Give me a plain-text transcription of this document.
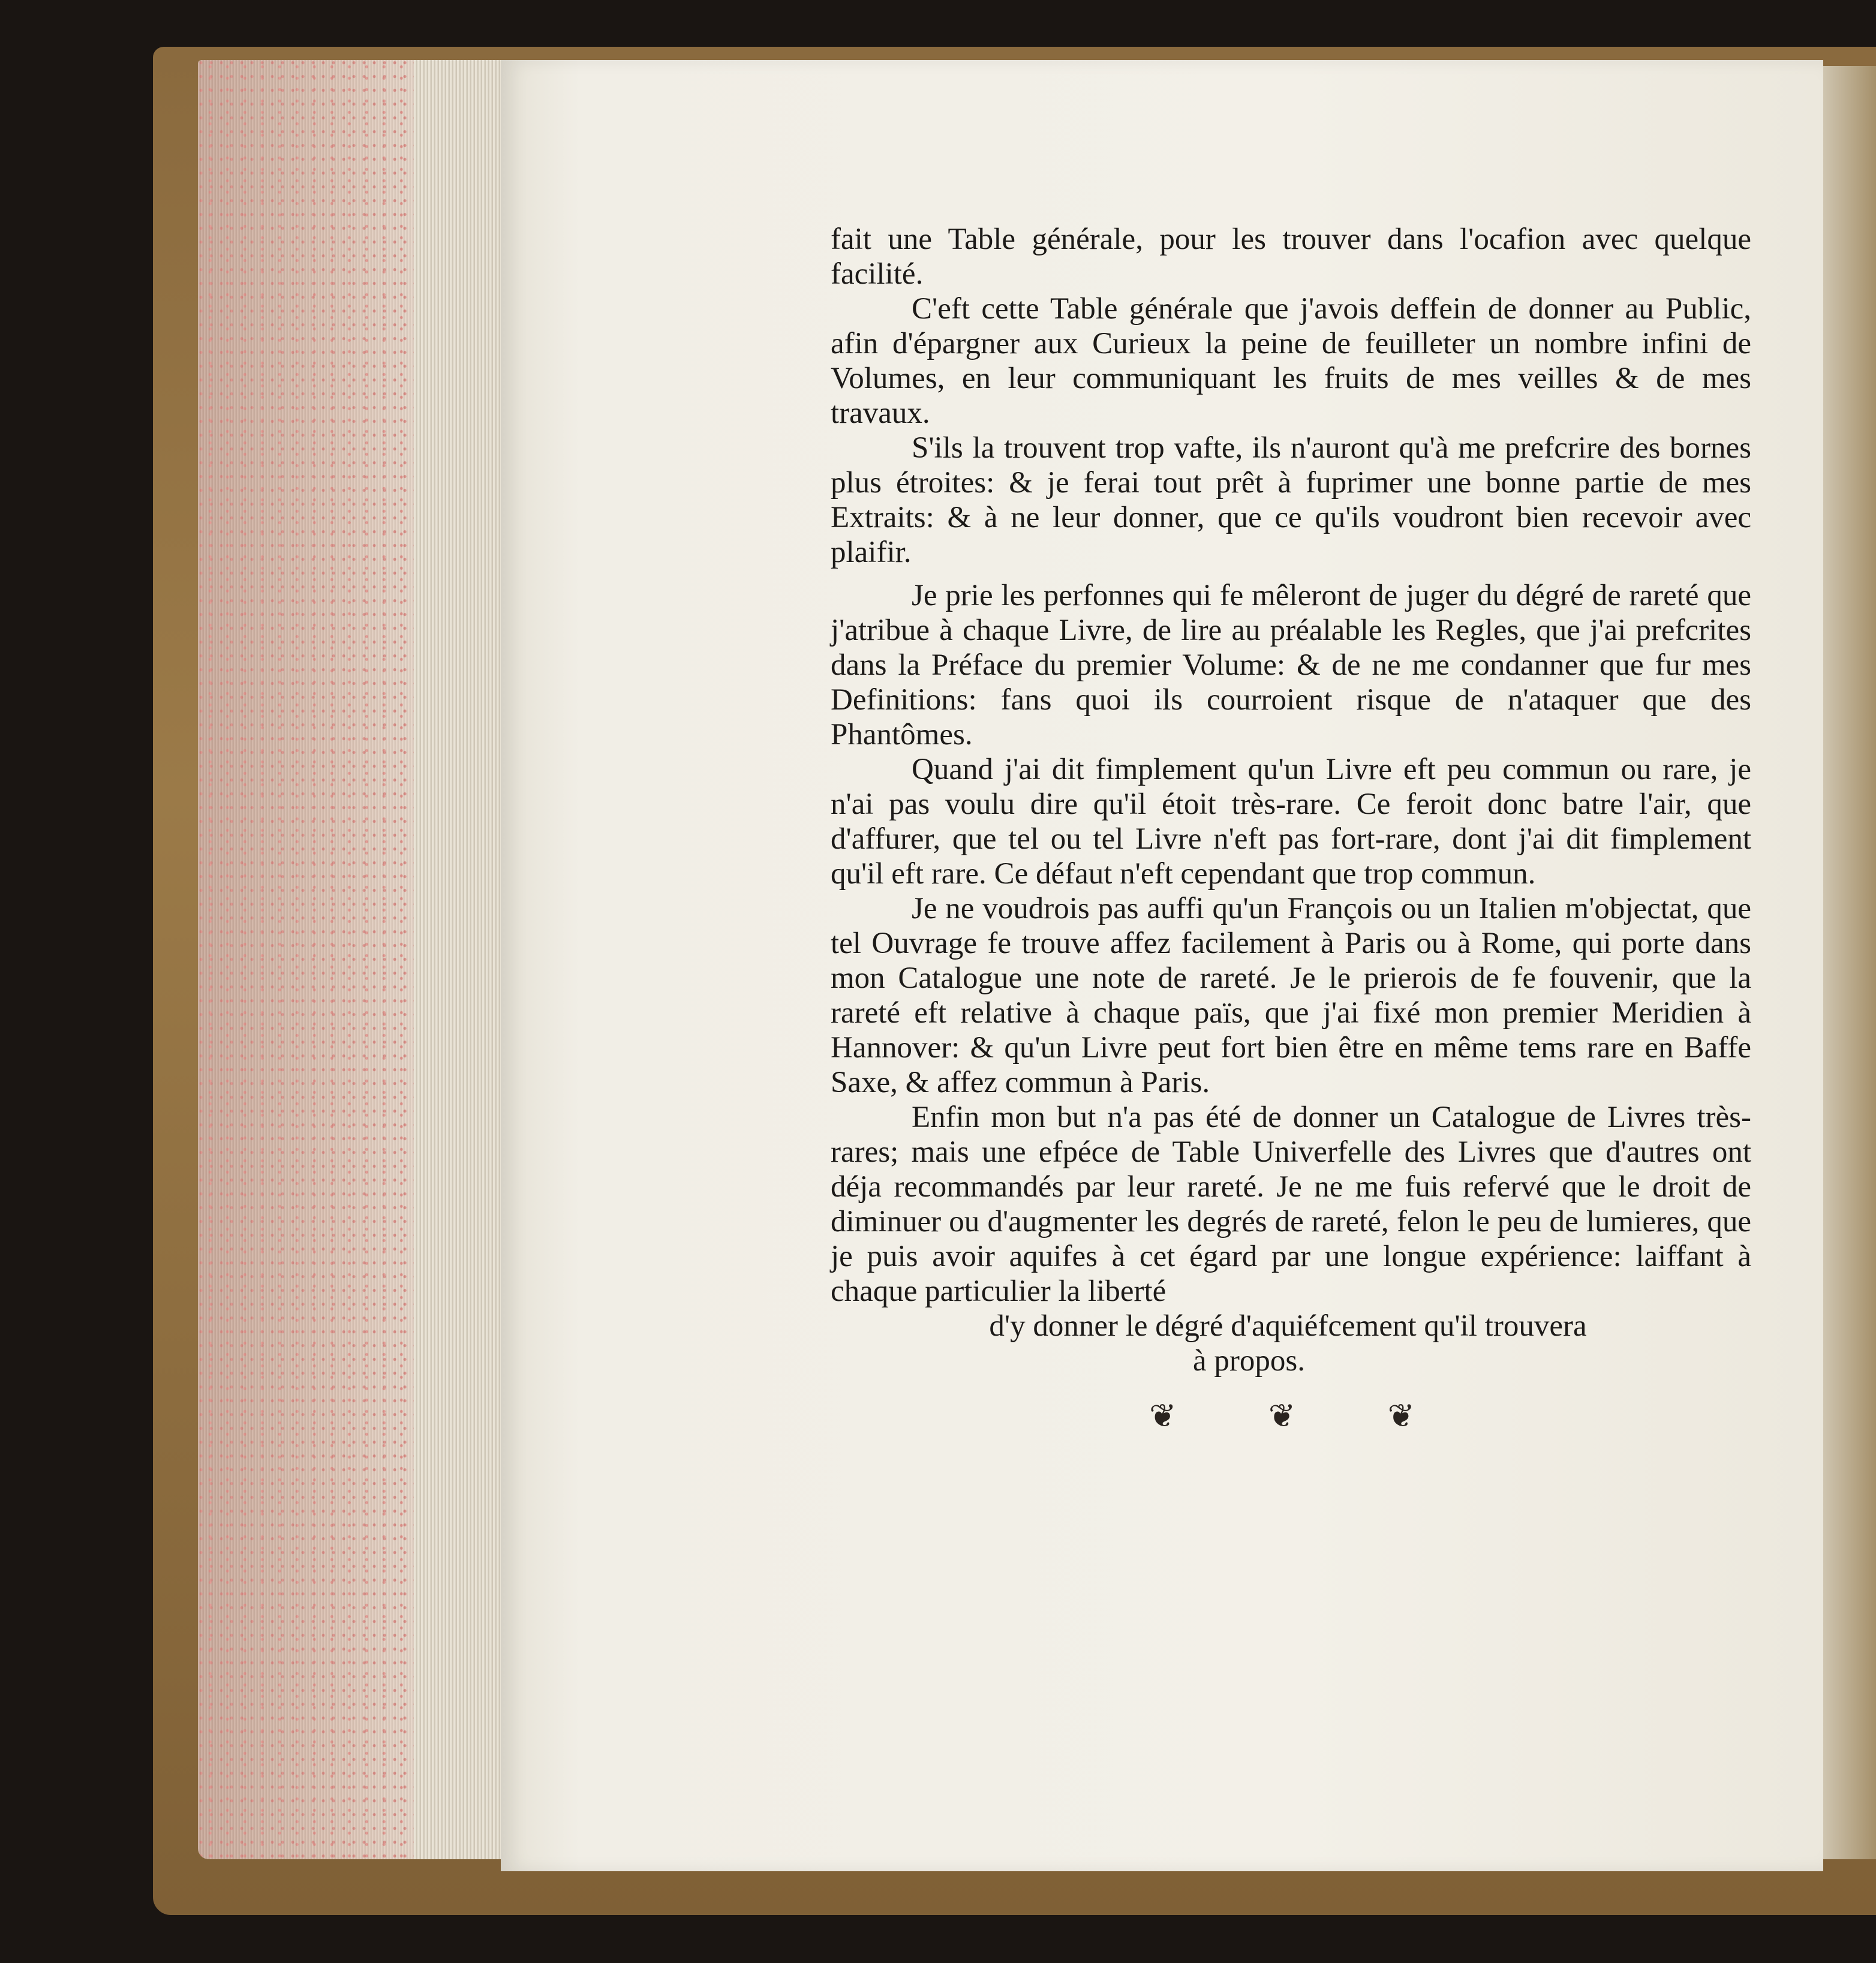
fait une Table générale, pour les trouver dans l'ocafion avec quelque facilité.

C'eft cette Table générale que j'avois deffein de donner au Public, afin d'épargner aux Curieux la peine de feuilleter un nombre infini de Volumes, en leur communiquant les fruits de mes veilles & de mes travaux.

S'ils la trouvent trop vafte, ils n'auront qu'à me prefcrire des bornes plus étroites: & je ferai tout prêt à fuprimer une bonne partie de mes Extraits: & à ne leur donner, que ce qu'ils voudront bien recevoir avec plaifir.

Je prie les perfonnes qui fe mêleront de juger du dégré de rareté que j'atribue à chaque Livre, de lire au préalable les Regles, que j'ai prefcrites dans la Préface du premier Volume: & de ne me condanner que fur mes Definitions: fans quoi ils courroient risque de n'ataquer que des Phantômes.

Quand j'ai dit fimplement qu'un Livre eft peu commun ou rare, je n'ai pas voulu dire qu'il étoit très-rare. Ce feroit donc batre l'air, que d'affurer, que tel ou tel Livre n'eft pas fort-rare, dont j'ai dit fimplement qu'il eft rare. Ce défaut n'eft cependant que trop commun.

Je ne voudrois pas auffi qu'un François ou un Italien m'objectat, que tel Ouvrage fe trouve affez facilement à Paris ou à Rome, qui porte dans mon Catalogue une note de rareté. Je le prierois de fe fouvenir, que la rareté eft relative à chaque païs, que j'ai fixé mon premier Meridien à Hannover: & qu'un Livre peut fort bien être en même tems rare en Baffe Saxe, & affez commun à Paris.

Enfin mon but n'a pas été de donner un Catalogue de Livres très-rares; mais une efpéce de Table Univerfelle des Livres que d'autres ont déja recommandés par leur rareté. Je ne me fuis refervé que le droit de diminuer ou d'augmenter les degrés de rareté, felon le peu de lumieres, que je puis avoir aquifes à cet égard par une longue expérience: laiffant à chaque particulier la liberté

d'y donner le dégré d'aquiéfcement qu'il trouvera

à propos.

❦	❦	❦
